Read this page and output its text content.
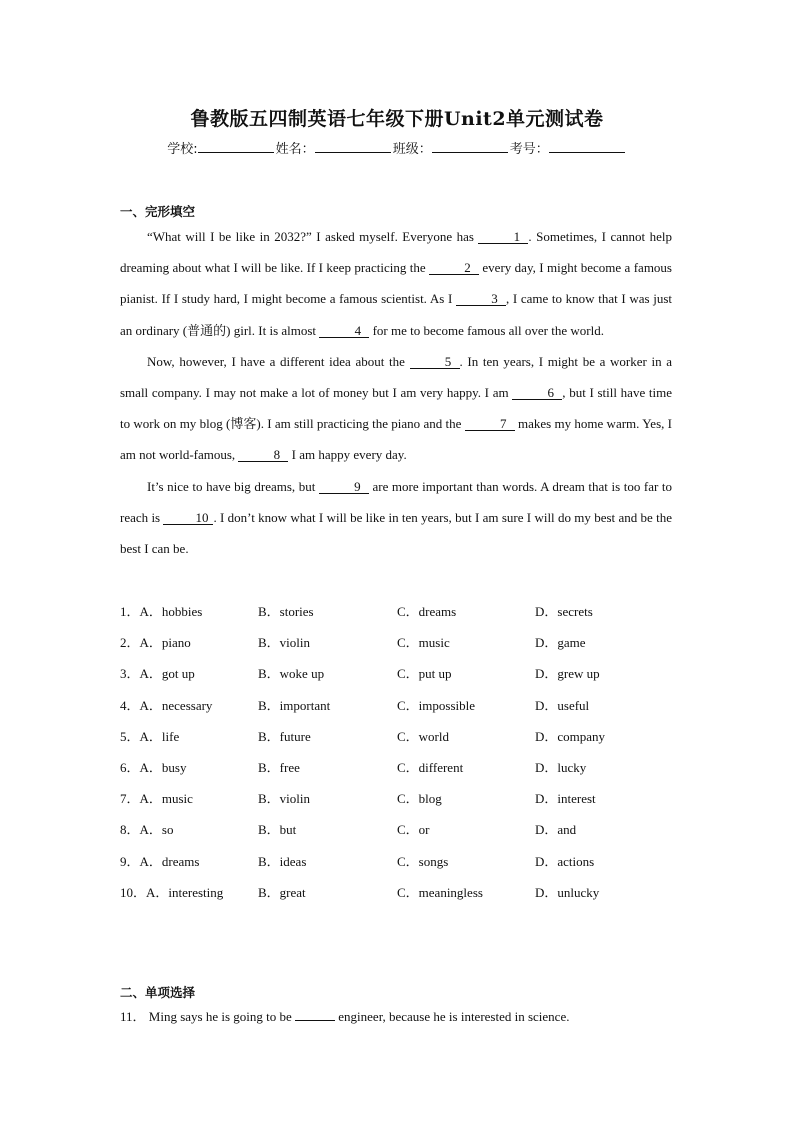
鲁教版五四制英语七年级下册Unit2单元测试卷
学校:	姓名：	班级：	考号：
一、完形填空

“What will I be like in 2032?” I asked myself. Everyone has	1 . Sometimes, I cannot help dreaming about what I will be like. If I keep practicing the	2 every day, I might become a famous pianist. If I study hard, I might become a famous scientist. As I	3 , I came to know that I was just an ordinary (普通的) girl. It is almost	4 for me to become famous all over the world.

Now, however, I have a different idea about the	5 . In ten years, I might be a worker in a small company. I may not make a lot of money but I am very happy. I am	6 , but I still have time to work on my blog (博客). I am still practicing the piano and the	7 makes my home warm. Yes, I am not world-famous,	8 I am happy every day.

It’s nice to have big dreams, but	9 are more important than words. A dream that is too far to reach is 10 . I don’t know what I will be like in ten years, but I am sure I will do my best and be the best I can be.

1．A．hobbies	B．stories	C．dreams	D．secrets
2．A．piano	B．violin	C．music	D．game
3．A．got up	B．woke up	C．put up	D．grew up
4．A．necessary	B．important	C．impossible	D．useful
5．A．life	B．future	C．world	D．company
6．A．busy	B．free	C．different	D．lucky
7．A．music	B．violin	C．blog	D．interest
8．A．so	B．but	C．or	D．and
9．A．dreams	B．ideas	C．songs	D．actions
10．A．interesting	B．great	C．meaningless	D．unlucky
二、单项选择
11． Ming says he is going to be	engineer, because he is interested in science.
